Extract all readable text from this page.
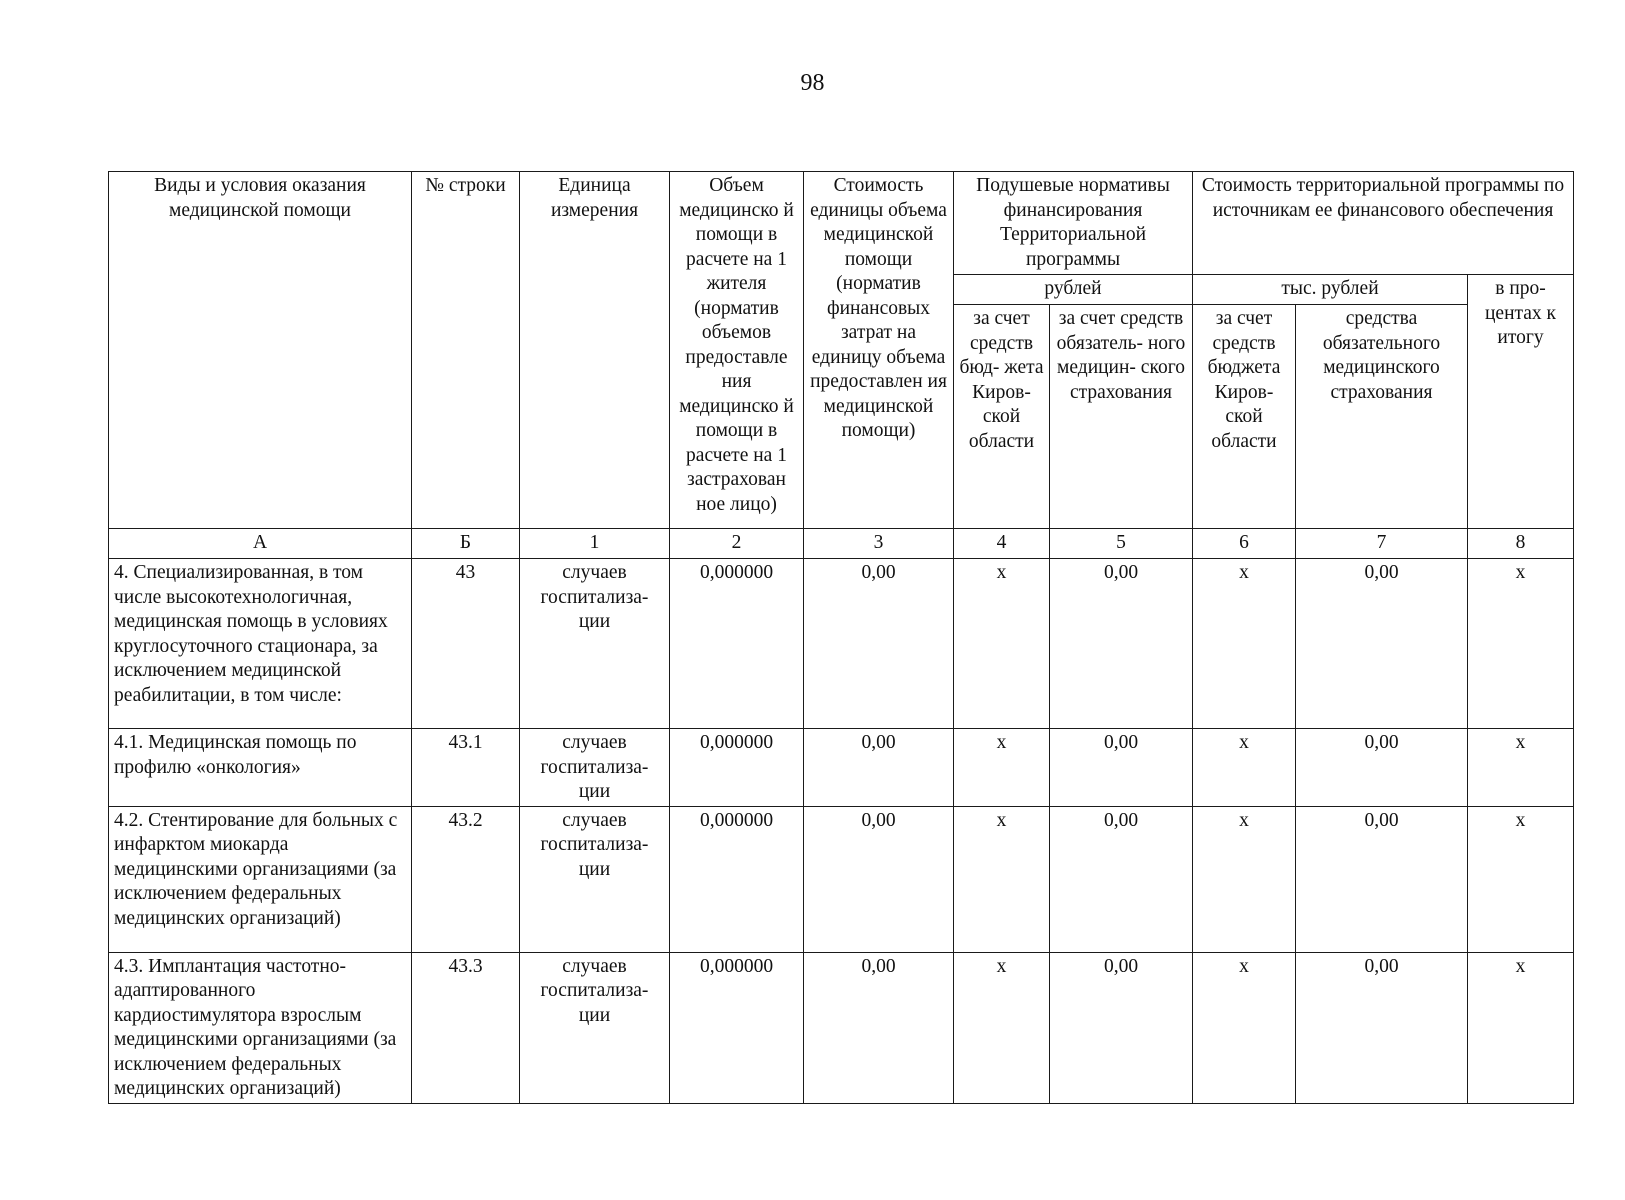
98
Виды и условия оказания медицинской помощи	№ строки	Единица измерения	Объем медицинско й помощи в расчете на 1 жителя (норматив объемов предоставле ния медицинско й помощи в расчете на 1 застрахован ное лицо)	Стоимость единицы объема медицинской помощи (норматив финансовых затрат на единицу объема предоставлен ия медицинской помощи)	Подушевые нормативы финансирования Территориальной программы		Стоимость территориальной программы по источникам ее финансового обеспечения		
					рублей		тыс. рублей		в про- центах к итогу
					за счет средств бюд- жета Киров- ской области	за счет средств обязатель- ного медицин- ского страхования	за счет средств бюджета Киров- ской области	средства обязательного медицинского страхования	
А	Б	1	2	3	4	5	6	7	8
4. Специализированная, в том числе высокотехнологичная, медицинская помощь в условиях круглосуточного стационара, за исключением медицинской реабилитации, в том числе:	43	случаев госпитализа- ции	0,000000	0,00	х	0,00	х	0,00	х
4.1. Медицинская помощь по профилю «онкология»	43.1	случаев госпитализа- ции	0,000000	0,00	х	0,00	х	0,00	х
4.2. Стентирование для больных с инфарктом миокарда медицинскими организациями (за исключением федеральных медицинских организаций)	43.2	случаев госпитализа- ции	0,000000	0,00	х	0,00	х	0,00	х
4.3. Имплантация частотно- адаптированного кардиостимулятора взрослым медицинскими организациями (за исключением федеральных медицинских организаций)	43.3	случаев госпитализа- ции	0,000000	0,00	х	0,00	х	0,00	х
